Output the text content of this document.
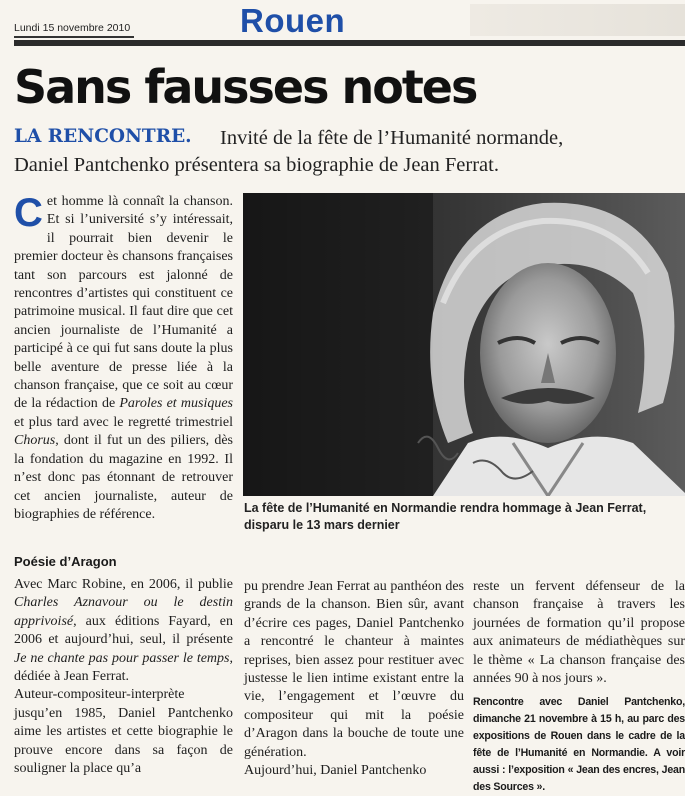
Lundi 15 novembre 2010	Rouen
Sans fausses notes
LA RENCONTRE. Invité de la fête de l’Humanité normande,
Daniel Pantchenko présentera sa biographie de Jean Ferrat.
Cet homme là connaît la chanson. Et si l’université s’y intéressait, il pourrait bien devenir le premier docteur ès chansons françaises tant son parcours est jalonné de rencontres d’artistes qui constituent ce patrimoine musical. Il faut dire que cet ancien journaliste de l’Humanité a participé à ce qui fut sans doute la plus belle aventure de presse liée à la chanson française, que ce soit au cœur de la rédaction de Paroles et musiques et plus tard avec le regretté trimestriel Chorus, dont il fut un des piliers, dès la fondation du magazine en 1992. Il n’est donc pas étonnant de retrouver cet ancien journaliste, auteur de biographies de référence.	La fête de l’Humanité en Normandie rendra hommage à Jean Ferrat, disparu le 13 mars dernier
Poésie d’Aragon
Avec Marc Robine, en 2006, il publie Charles Aznavour ou le destin apprivoisé, aux éditions Fayard, en 2006 et aujourd’hui, seul, il présente Je ne chante pas pour passer le temps, dédiée à Jean Ferrat.
Auteur-compositeur-interprète jusqu’en 1985, Daniel Pantchenko aime les artistes et cette biographie le prouve encore dans sa façon de souligner la place qu’a
pu prendre Jean Ferrat au panthéon des grands de la chanson. Bien sûr, avant d’écrire ces pages, Daniel Pantchenko a rencontré le chanteur à maintes reprises, bien assez pour restituer avec justesse le lien intime existant entre la vie, l’engagement et l’œuvre du compositeur qui mit la poésie d’Aragon dans la bouche de toute une génération.
Aujourd’hui, Daniel Pantchenko
reste un fervent défenseur de la chanson française à travers les journées de formation qu’il propose aux animateurs de médiathèques sur le thème « La chanson française des années 90 à nos jours ».
Rencontre avec Daniel Pantchenko, dimanche 21 novembre à 15 h, au parc des expositions de Rouen dans le cadre de la fête de l’Humanité en Normandie. A voir aussi : l’exposition « Jean des encres, Jean des Sources ».
